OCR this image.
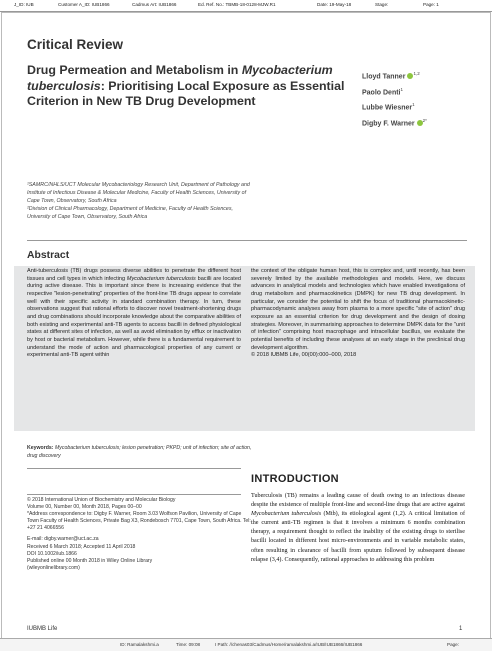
J_ID: IUB	Customer A_ID: IUB1866	Cadmus Art: IUB1866	Ed. Ref. No.: TBMB-18-0128-MJW.R1	Date: 19-May-18	Stage:	Page: 1
Critical Review
Drug Permeation and Metabolism in Mycobacterium tuberculosis: Prioritising Local Exposure as Essential Criterion in New TB Drug Development
Lloyd Tanner $^{1,2}$
Paolo Denti$^1$
Lubbe Wiesner$^1$
Digby F. Warner $^{2*}$
¹SAMRC/NHLS/UCT Molecular Mycobacteriology Research Unit, Department of Pathology and Institute of Infectious Disease & Molecular Medicine, Faculty of Health Sciences, University of Cape Town, Observatory, South Africa
²Division of Clinical Pharmacology, Department of Medicine, Faculty of Health Sciences, University of Cape Town, Observatory, South Africa
Abstract
Anti-tuberculosis (TB) drugs possess diverse abilities to penetrate the different host tissues and cell types in which infecting Mycobacterium tuberculosis bacilli are located during active disease. This is important since there is increasing evidence that the respective "lesion-penetrating" properties of the front-line TB drugs appear to correlate well with their specific activity in standard combination therapy. In turn, these observations suggest that rational efforts to discover novel treatment-shortening drugs and drug combinations should incorporate knowledge about the comparative abilities of both existing and experimental anti-TB agents to access bacilli in defined physiological states at different sites of infection, as well as avoid elimination by efflux or inactivation by host or bacterial metabolism. However, while there is a fundamental requirement to understand the mode of action and pharmacological properties of any current or experimental anti-TB agent within
the context of the obligate human host, this is complex and, until recently, has been severely limited by the available methodologies and models. Here, we discuss advances in analytical models and technologies which have enabled investigations of drug metabolism and pharmacokinetics (DMPK) for new TB drug development. In particular, we consider the potential to shift the focus of traditional pharmacokinetic-pharmacodynamic analyses away from plasma to a more specific "site of action" drug exposure as an essential criterion for drug development and the design of dosing strategies. Moreover, in summarising approaches to determine DMPK data for the "unit of infection" comprising host macrophage and intracellular bacillus, we evaluate the potential benefits of including these analyses at an early stage in the preclinical drug development algorithm.
© 2018 IUBMB Life, 00(00):000–000, 2018
Keywords: Mycobacterium tuberculosis; lesion penetration; PKPD; unit of infection; site of action, drug discovery
© 2018 International Union of Biochemistry and Molecular Biology
Volume 00, Number 00, Month 2018, Pages 00–00
*Address correspondence to: Digby F. Warner, Room 3.03 Wolfson Pavilion, University of Cape Town Faculty of Health Sciences, Private Bag X3, Rondebosch 7701, Cape Town, South Africa. Tel: +27 21 4066556
E-mail: digby.warner@uct.ac.za
Received 6 March 2018; Accepted 11 April 2018
DOI 10.1002/iub.1866
Published online 00 Month 2018 in Wiley Online Library
(wileyonlinelibrary.com)
INTRODUCTION
Tuberculosis (TB) remains a leading cause of death owing to an infectious disease despite the existence of multiple front-line and second-line drugs that are active against Mycobacterium tuberculosis (Mtb), its etiological agent (1,2). A critical limitation of the current anti-TB regimen is that it involves a minimum 6 months combination therapy, a requirement thought to reflect the inability of the existing drugs to sterilise bacilli located in different host micro-environments and in variable metabolic states, often resulting in clearance of bacilli from sputum followed by subsequent disease relapse (3,4). Consequently, rational approaches to addressing this problem
IUBMB Life	1
ID: Ramalakshmi.a	Time: 09:08	I Path: //chenas03/Cadmus/Home/ramalakshmi.a/IUB/IUB1866/IUB1866	Page:
